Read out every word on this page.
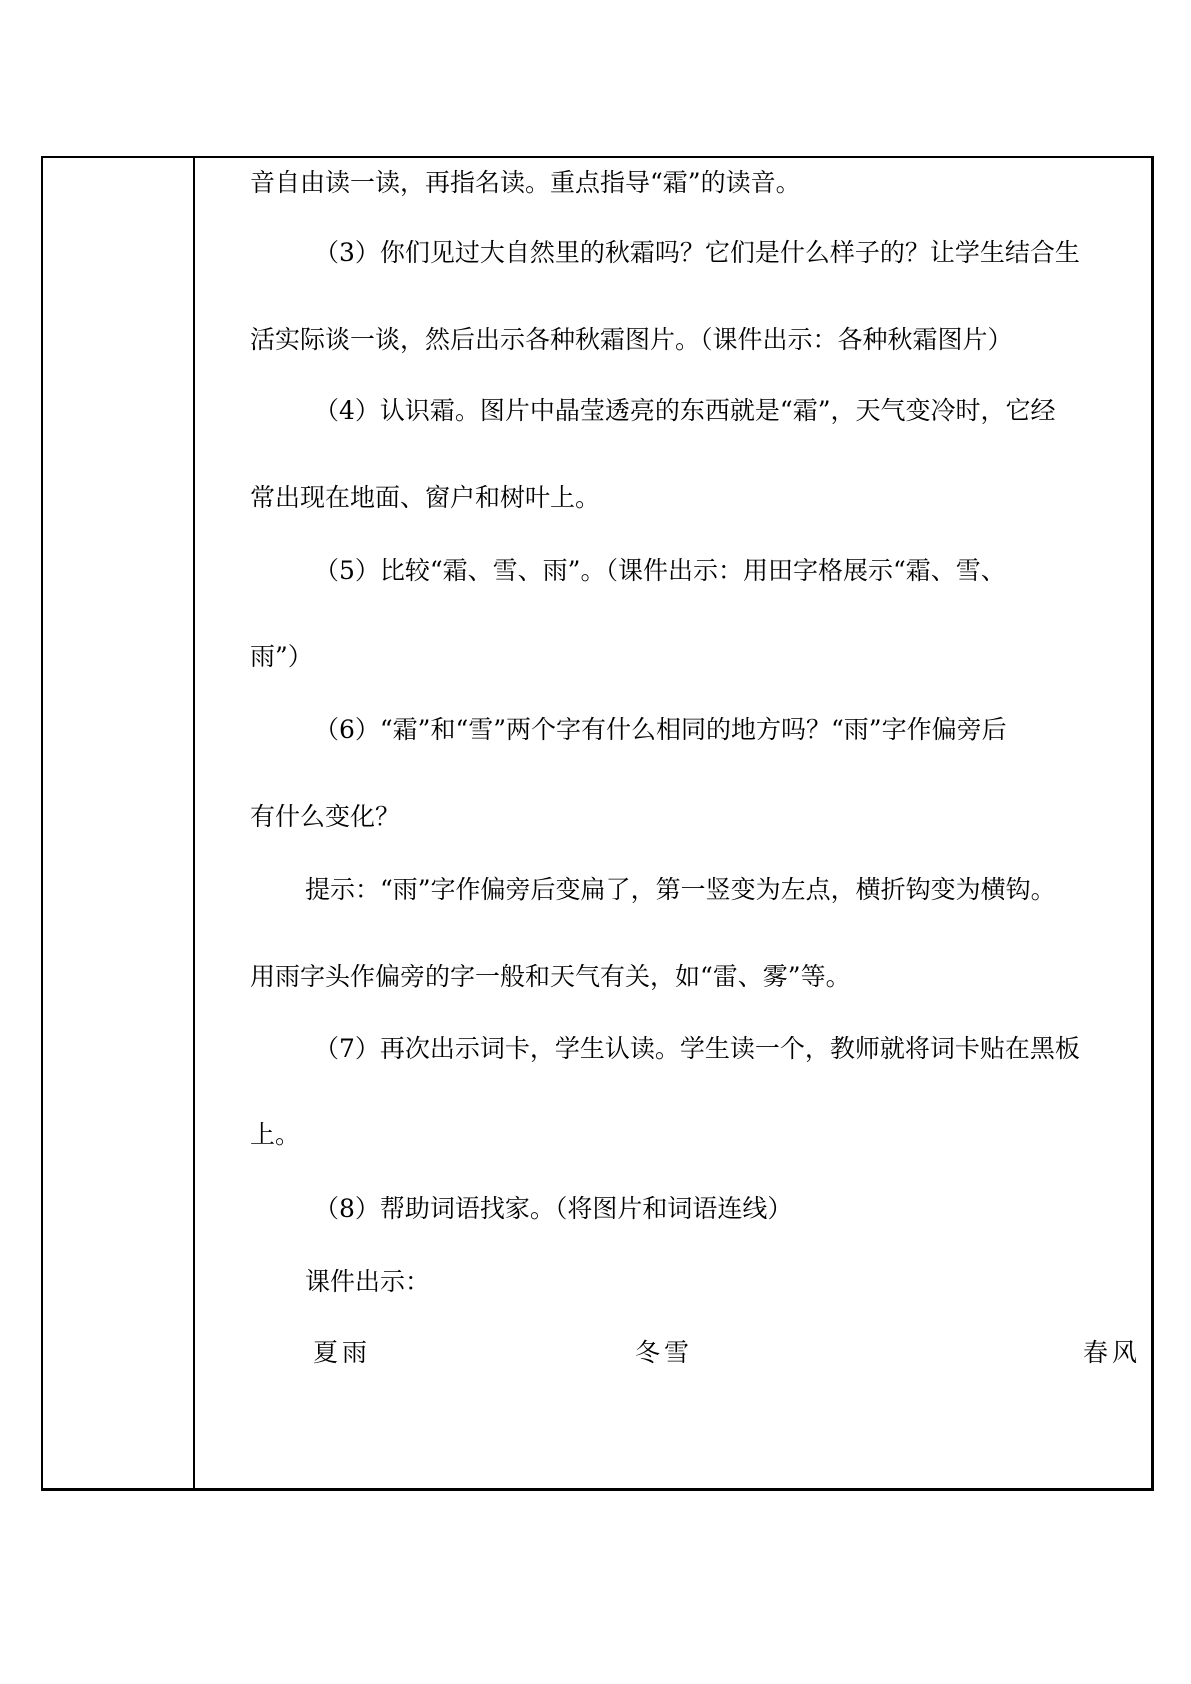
音自由读一读，再指名读。重点指导“霜”的读音。
（3）你们见过大自然里的秋霜吗？它们是什么样子的？让学生结合生
活实际谈一谈，然后出示各种秋霜图片。（课件出示：各种秋霜图片）
（4）认识霜。图片中晶莹透亮的东西就是“霜”，天气变冷时，它经
常出现在地面、窗户和树叶上。
（5）比较“霜、雪、雨”。（课件出示：用田字格展示“霜、雪、
雨”）
（6）“霜”和“雪”两个字有什么相同的地方吗？“雨”字作偏旁后
有什么变化？
提示：“雨”字作偏旁后变扁了，第一竖变为左点，横折钩变为横钩。
用雨字头作偏旁的字一般和天气有关，如“雷、雾”等。
（7）再次出示词卡，学生认读。学生读一个，教师就将词卡贴在黑板
上。
（8）帮助词语找家。（将图片和词语连线）
课件出示：
夏雨	冬雪	春风
